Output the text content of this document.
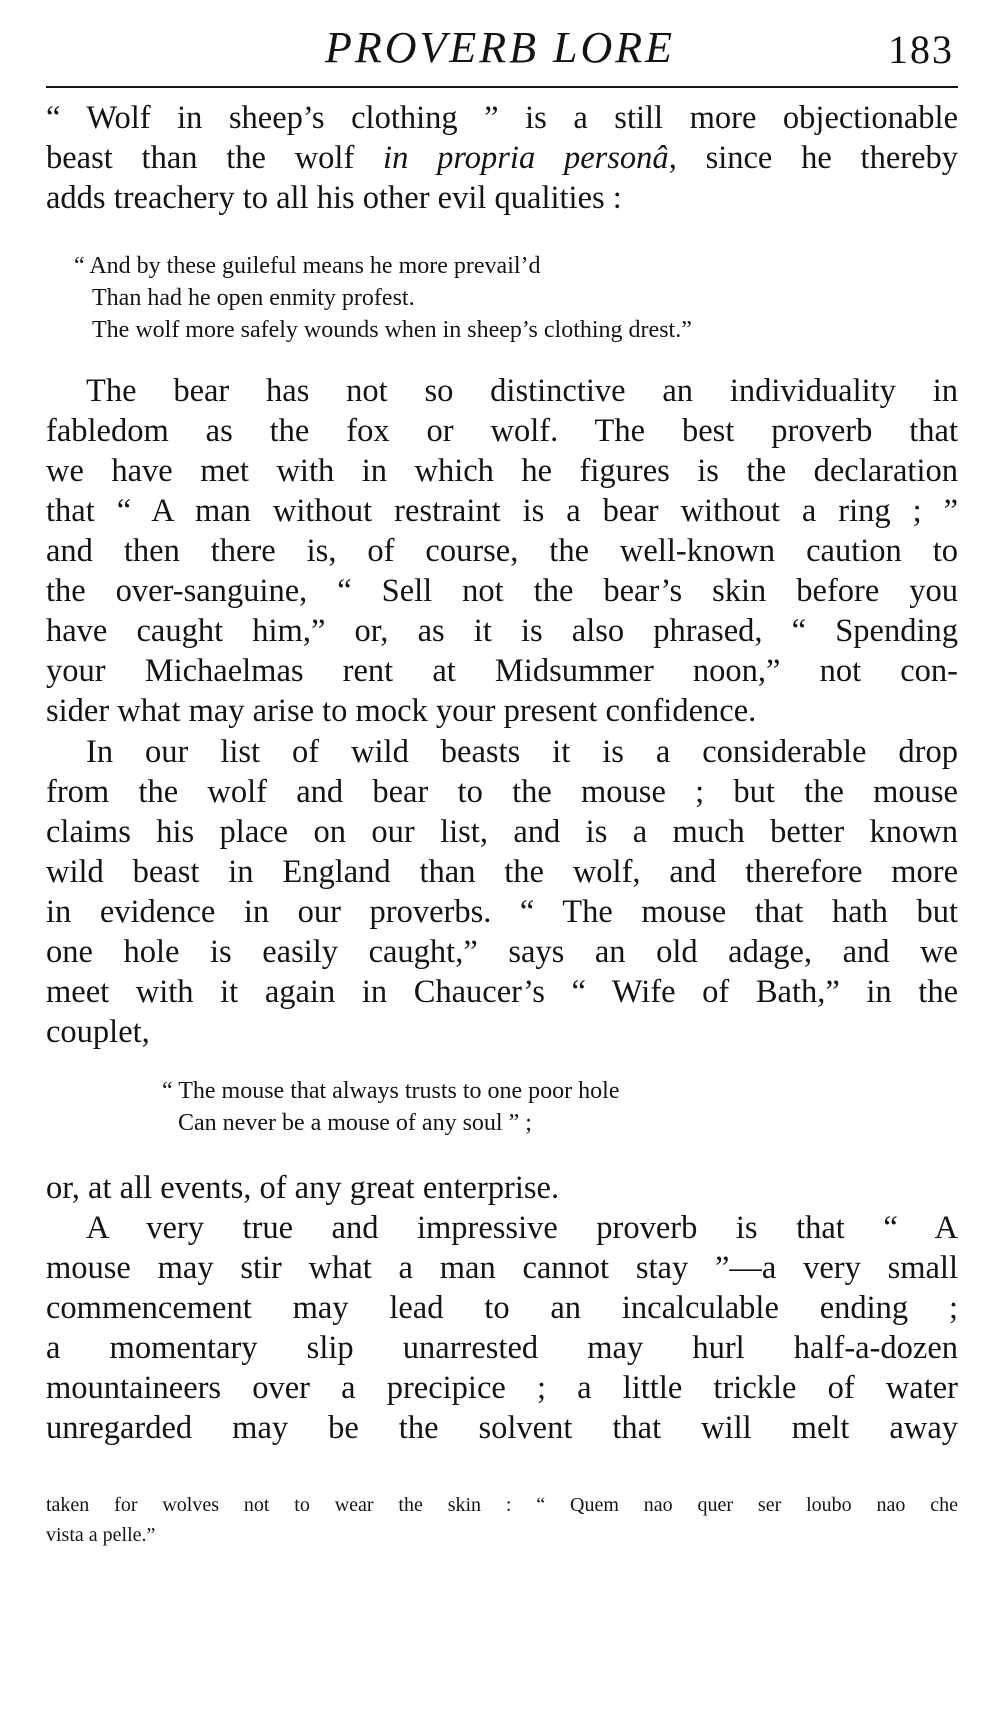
PROVERB LORE	183
“ Wolf in sheep’s clothing ” is a still more objectionable
beast than the wolf in propria personâ, since he thereby
adds treachery to all his other evil qualities :
“ And by these guileful means he more prevail’d
Than had he open enmity profest.
The wolf more safely wounds when in sheep’s clothing drest.”
The bear has not so distinctive an individuality in
fabledom as the fox or wolf. The best proverb that
we have met with in which he figures is the declaration
that “ A man without restraint is a bear without a ring ; ”
and then there is, of course, the well-known caution to
the over-sanguine, “ Sell not the bear’s skin before you
have caught him,” or, as it is also phrased, “ Spending
your Michaelmas rent at Midsummer noon,” not con-
sider what may arise to mock your present confidence.
In our list of wild beasts it is a considerable drop
from the wolf and bear to the mouse ; but the mouse
claims his place on our list, and is a much better known
wild beast in England than the wolf, and therefore more
in evidence in our proverbs. “ The mouse that hath but
one hole is easily caught,” says an old adage, and we
meet with it again in Chaucer’s “ Wife of Bath,” in the
couplet,
“ The mouse that always trusts to one poor hole
Can never be a mouse of any soul ” ;
or, at all events, of any great enterprise.
A very true and impressive proverb is that “ A
mouse may stir what a man cannot stay ”—a very small
commencement may lead to an incalculable ending ;
a momentary slip unarrested may hurl half-a-dozen
mountaineers over a precipice ; a little trickle of water
unregarded may be the solvent that will melt away
taken for wolves not to wear the skin : “ Quem nao quer ser loubo nao che
vista a pelle.”
